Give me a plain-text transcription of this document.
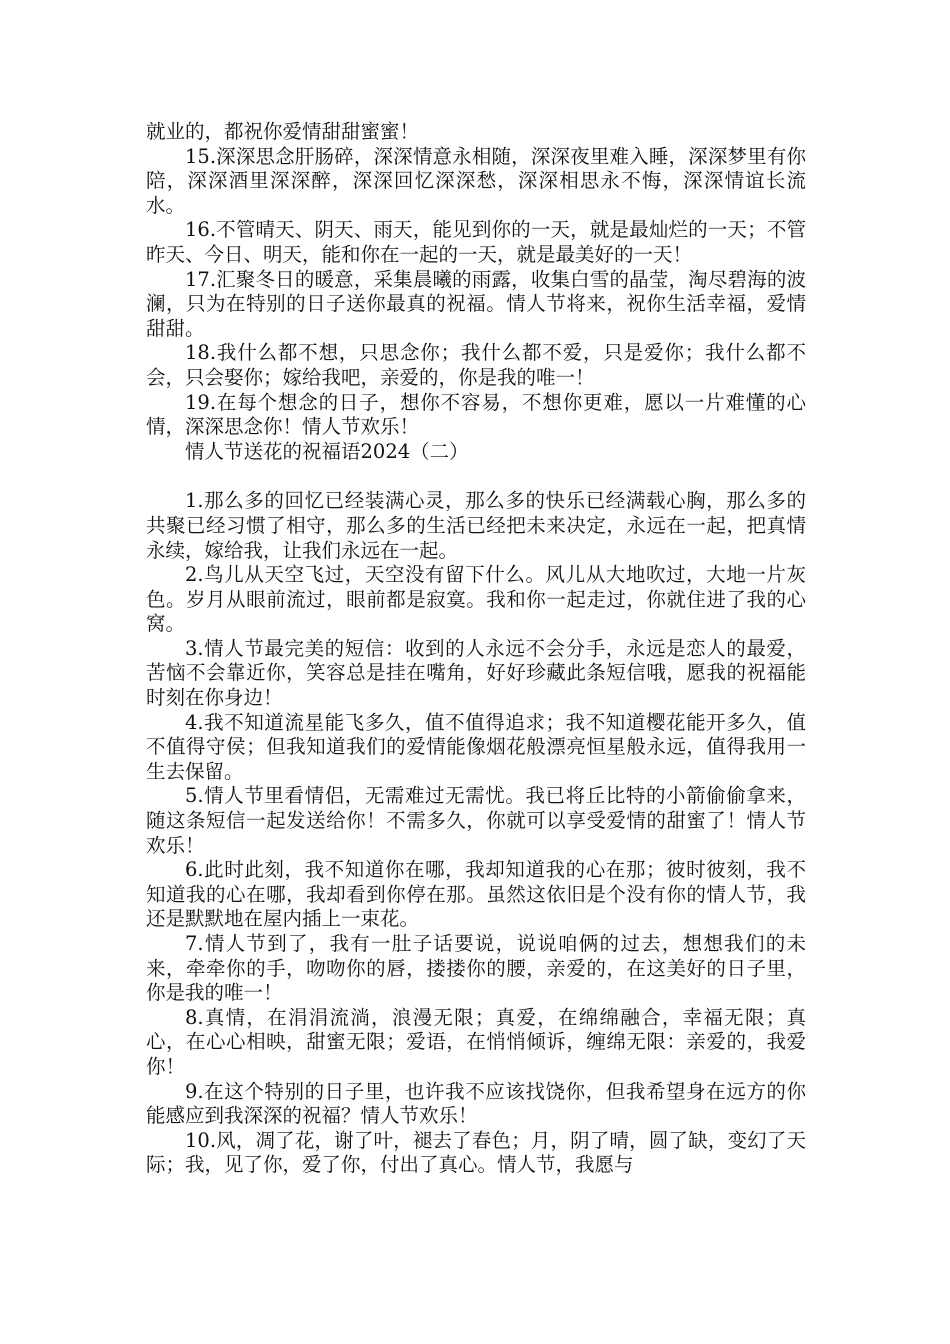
就业的，都祝你爱情甜甜蜜蜜！

15.深深思念肝肠碎，深深情意永相随，深深夜里难入睡，深深梦里有你陪，深深酒里深深醉，深深回忆深深愁，深深相思永不悔，深深情谊长流水。

16.不管晴天、阴天、雨天，能见到你的一天，就是最灿烂的一天；不管昨天、今日、明天，能和你在一起的一天，就是最美好的一天！

17.汇聚冬日的暖意，采集晨曦的雨露，收集白雪的晶莹，淘尽碧海的波澜，只为在特别的日子送你最真的祝福。情人节将来，祝你生活幸福，爱情甜甜。

18.我什么都不想，只思念你；我什么都不爱，只是爱你；我什么都不会，只会娶你；嫁给我吧，亲爱的，你是我的唯一！

19.在每个想念的日子，想你不容易，不想你更难，愿以一片难懂的心情，深深思念你！情人节欢乐！

情人节送花的祝福语2024（二）

1.那么多的回忆已经装满心灵，那么多的快乐已经满载心胸，那么多的共聚已经习惯了相守，那么多的生活已经把未来决定，永远在一起，把真情永续，嫁给我，让我们永远在一起。

2.鸟儿从天空飞过，天空没有留下什么。风儿从大地吹过，大地一片灰色。岁月从眼前流过，眼前都是寂寞。我和你一起走过，你就住进了我的心窝。

3.情人节最完美的短信：收到的人永远不会分手，永远是恋人的最爱，苦恼不会靠近你，笑容总是挂在嘴角，好好珍藏此条短信哦，愿我的祝福能时刻在你身边！

4.我不知道流星能飞多久，值不值得追求；我不知道樱花能开多久，值不值得守侯；但我知道我们的爱情能像烟花般漂亮恒星般永远，值得我用一生去保留。

5.情人节里看情侣，无需难过无需忧。我已将丘比特的小箭偷偷拿来，随这条短信一起发送给你！不需多久，你就可以享受爱情的甜蜜了！情人节欢乐！

6.此时此刻，我不知道你在哪，我却知道我的心在那；彼时彼刻，我不知道我的心在哪，我却看到你停在那。虽然这依旧是个没有你的情人节，我还是默默地在屋内插上一束花。

7.情人节到了，我有一肚子话要说，说说咱俩的过去，想想我们的未来，牵牵你的手，吻吻你的唇，搂搂你的腰，亲爱的，在这美好的日子里，你是我的唯一！

8.真情，在涓涓流淌，浪漫无限；真爱，在绵绵融合，幸福无限；真心，在心心相映，甜蜜无限；爱语，在悄悄倾诉，缠绵无限：亲爱的，我爱你！

9.在这个特别的日子里，也许我不应该找饶你，但我希望身在远方的你能感应到我深深的祝福？情人节欢乐！

10.风，凋了花，谢了叶，褪去了春色；月，阴了晴，圆了缺，变幻了天际；我，见了你，爱了你，付出了真心。情人节，我愿与
